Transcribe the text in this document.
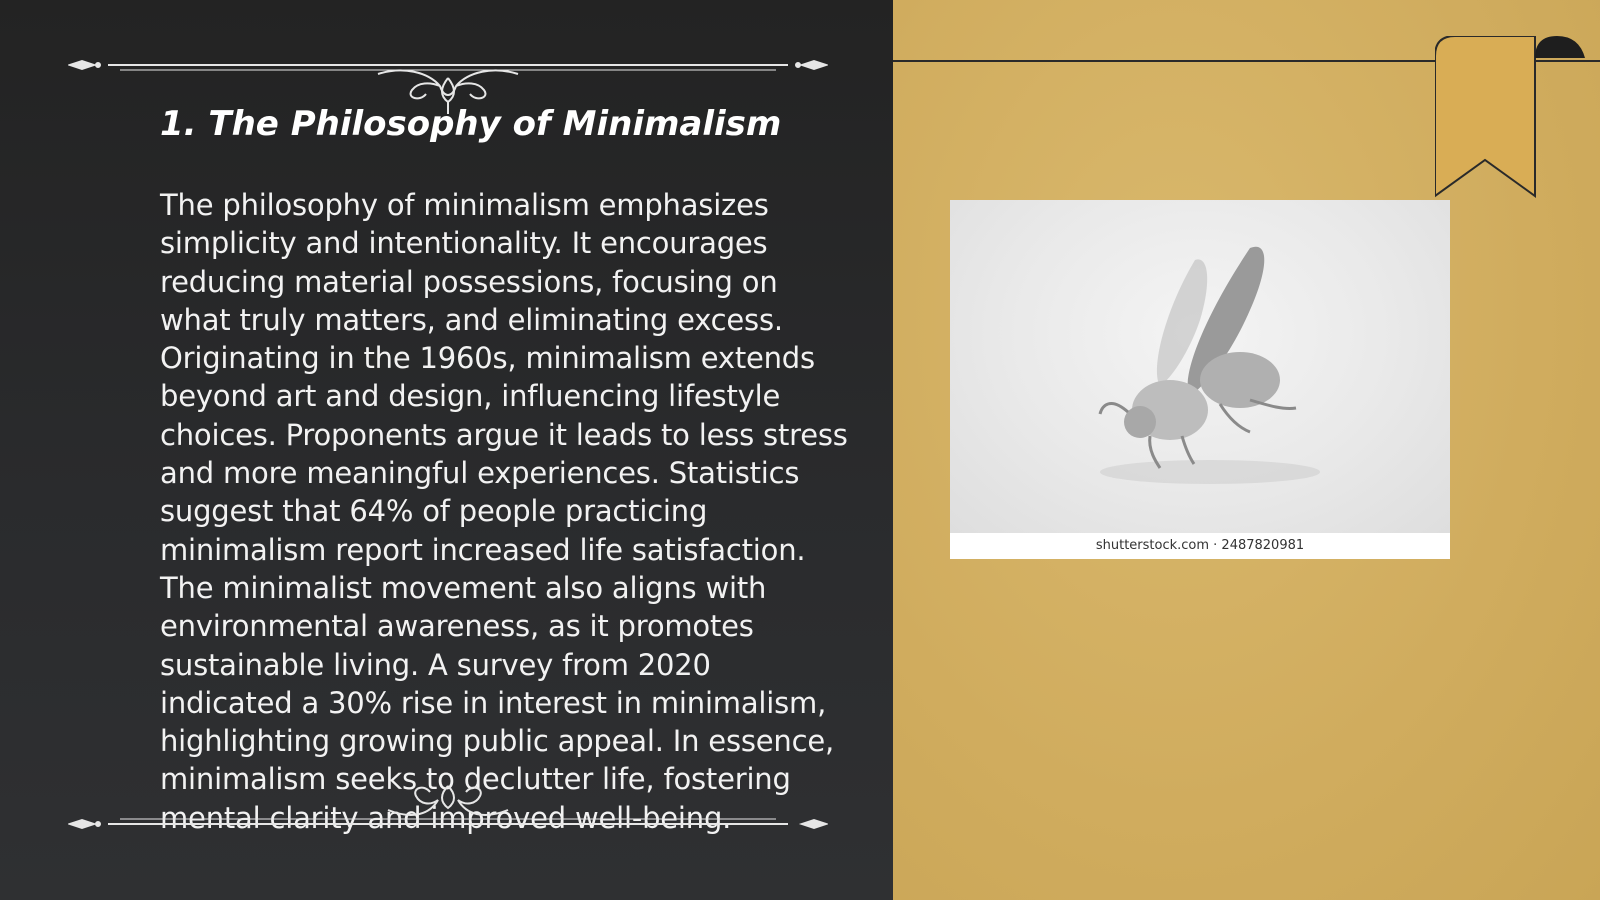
1. The Philosophy of Minimalism

The philosophy of minimalism emphasizes simplicity and intentionality. It encourages reducing material possessions, focusing on what truly matters, and eliminating excess. Originating in the 1960s, minimalism extends beyond art and design, influencing lifestyle choices. Proponents argue it leads to less stress and more meaningful experiences. Statistics suggest that 64% of people practicing minimalism report increased life satisfaction. The minimalist movement also aligns with environmental awareness, as it promotes sustainable living. A survey from 2020 indicated a 30% rise in interest in minimalism, highlighting growing public appeal. In essence, minimalism seeks to declutter life, fostering mental clarity and improved well-being.

shutterstock.com · 2487820981
